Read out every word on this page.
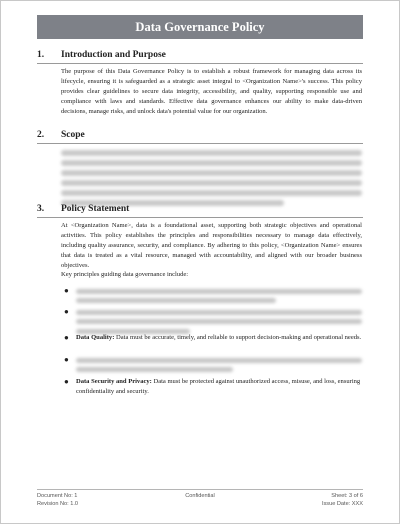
Data Governance Policy
1.	Introduction and Purpose

The purpose of this Data Governance Policy is to establish a robust framework for managing data across its lifecycle, ensuring it is safeguarded as a strategic asset integral to <Organization Name>'s success. This policy provides clear guidelines to secure data integrity, accessibility, and quality, supporting responsible use and compliance with laws and standards. Effective data governance enhances our ability to make data-driven decisions, manage risks, and unlock data's potential value for our organization.

2.	Scope
3.	Policy Statement

At <Organization Name>, data is a foundational asset, supporting both strategic objectives and operational activities. This policy establishes the principles and responsibilities necessary to manage data effectively, including quality assurance, security, and compliance. By adhering to this policy, <Organization Name> ensures that data is treated as a vital resource, managed with accountability, and aligned with our broader business objectives.

Key principles guiding data governance include:

●
●
●	Data Quality: Data must be accurate, timely, and reliable to support decision-making and operational needs.
●
●	Data Security and Privacy: Data must be protected against unauthorized access, misuse, and loss, ensuring confidentiality and security.
Document No: 1
Revision No: 1.0
Confidential	Sheet: 3 of 6
Issue Date: XXX
